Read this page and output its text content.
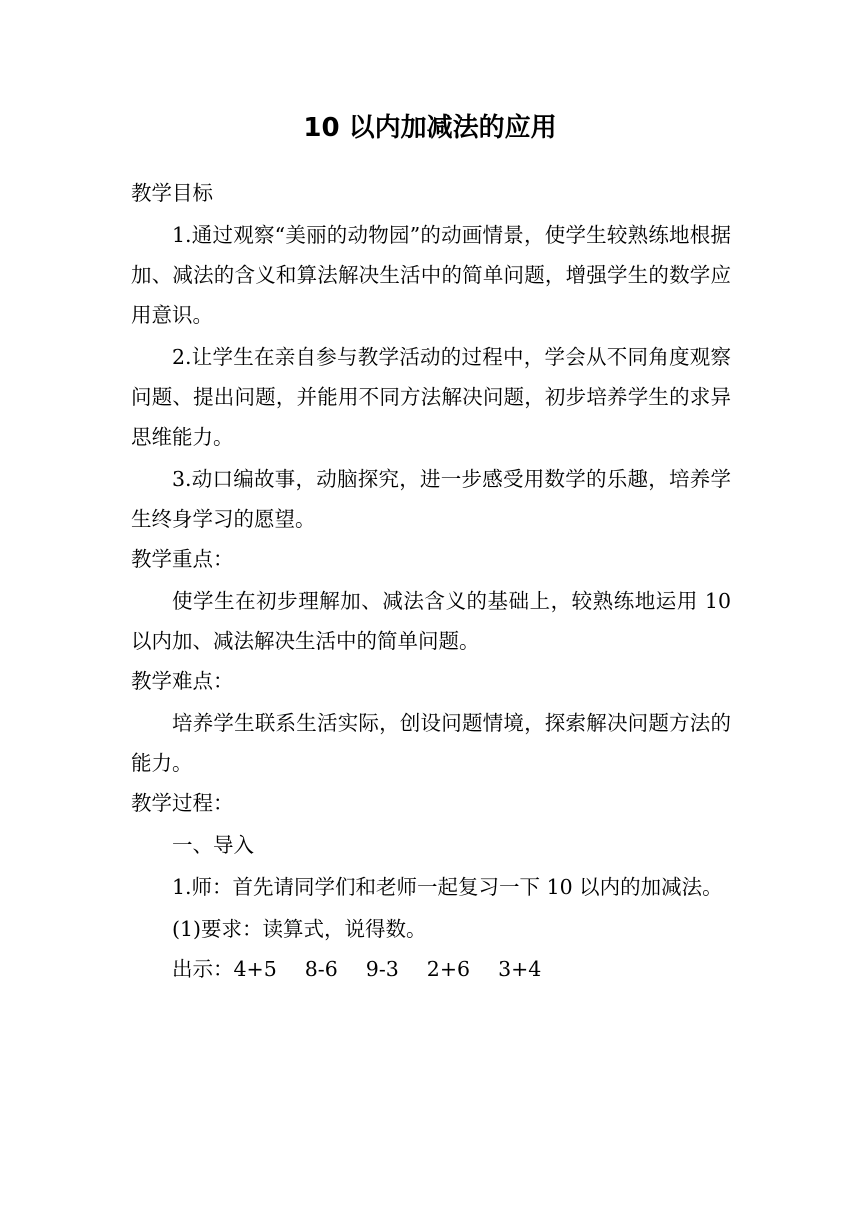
10 以内加减法的应用

教学目标

1.通过观察“美丽的动物园”的动画情景，使学生较熟练地根据加、减法的含义和算法解决生活中的简单问题，增强学生的数学应用意识。

2.让学生在亲自参与教学活动的过程中，学会从不同角度观察问题、提出问题，并能用不同方法解决问题，初步培养学生的求异思维能力。

3.动口编故事，动脑探究，进一步感受用数学的乐趣，培养学生终身学习的愿望。

教学重点：

使学生在初步理解加、减法含义的基础上，较熟练地运用 10 以内加、减法解决生活中的简单问题。

教学难点：

培养学生联系生活实际，创设问题情境，探索解决问题方法的能力。

教学过程：

一、导入

1.师：首先请同学们和老师一起复习一下 10 以内的加减法。

(1)要求：读算式，说得数。

出示：4+5 8-6 9-3 2+6 3+4
